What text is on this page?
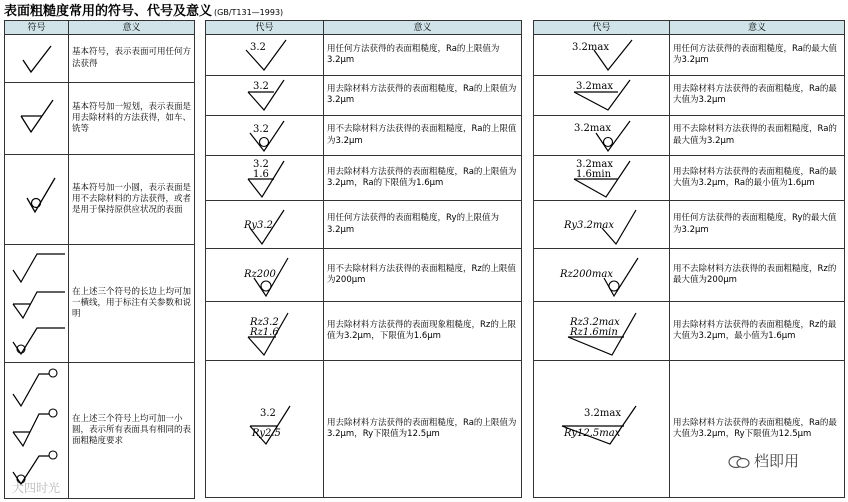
表面粗糙度常用的符号、代号及意义 (GB/T131—1993)
符号	意义

	基本符号，表示表面可用任何方法获得

	基本符号加一短划，表示表面是用去除材料的方法获得，如车、铣等

	基本符号加一小圆，表示表面是用不去除材料的方法获得，或者是用于保持原供应状况的表面

	在上述三个符号的长边上均可加一横线，用于标注有关参数和说明

	在上述三个符号上均可加一小圆，表示所有表面具有相同的表面粗糙度要求
代号	意义

3.2	用任何方法获得的表面粗糙度，Ra的上限值为3.2μm

3.2	用去除材料方法获得的表面粗糙度，Ra的上限值为3.2μm

3.2	用不去除材料方法获得的表面粗糙度，Ra的上限值为3.2μm

3.2
1.6	用去除材料方法获得的表面粗糙度，Ra的上限值为3.2μm，Ra的下限值为1.6μm

Ry3.2	用任何方法获得的表面粗糙度，Ry的上限值为3.2μm

Rz200	用不去除材料方法获得的表面粗糙度，Rz的上限值为200μm

Rz3.2
Rz1.6	用去除材料方法获得的表面现象粗糙度，Rz的上限值为3.2μm，下限值为1.6μm

3.2
Ry2.5	用去除材料方法获得的表面粗糙度，Ra的上限值为3.2μm，Ry下限值为12.5μm
代号	意义

3.2max	用任何方法获得的表面粗糙度，Ra的最大值为3.2μm

3.2max	用去除材料方法获得的表面粗糙度，Ra的最大值为3.2μm

3.2max	用不去除材料方法获得的表面粗糙度，Ra的最大值为3.2μm

3.2max
1.6min	用去除材料方法获得的表面粗糙度，Ra的最大值为3.2μm，Ra的最小值为1.6μm

Ry3.2max	用任何方法获得的表面粗糙度，Ry的最大值为3.2μm

Rz200max	用不去除材料方法获得的表面粗糙度，Rz的最大值为200μm

Rz3.2max
Rz1.6min	用去除材料方法获得的表面粗糙度，Rz的最大值为3.2μm，最小值为1.6μm

3.2max
Ry12.5max	用去除材料方法获得的表面粗糙度，Ra的最大值为3.2μm，Ry下限值为12.5μm
大四时光
档即用
